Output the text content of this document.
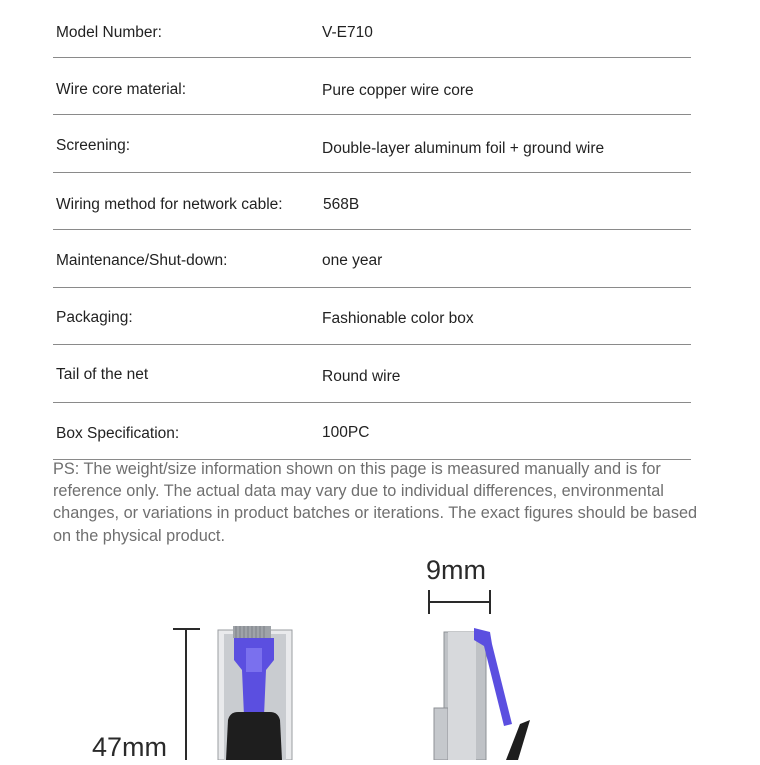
Model Number:	V-E710
Wire core material:	Pure copper wire core
Screening:	Double-layer aluminum foil + ground wire
Wiring method for network cable:	568B
Maintenance/Shut-down:	one year
Packaging:	Fashionable color box
Tail of the net	Round wire
Box Specification:	100PC
PS: The weight/size information shown on this page is measured manually and is for reference only. The actual data may vary due to individual differences, environmental changes, or variations in product batches or iterations. The exact figures should be based on the physical product.
9mm
47mm
